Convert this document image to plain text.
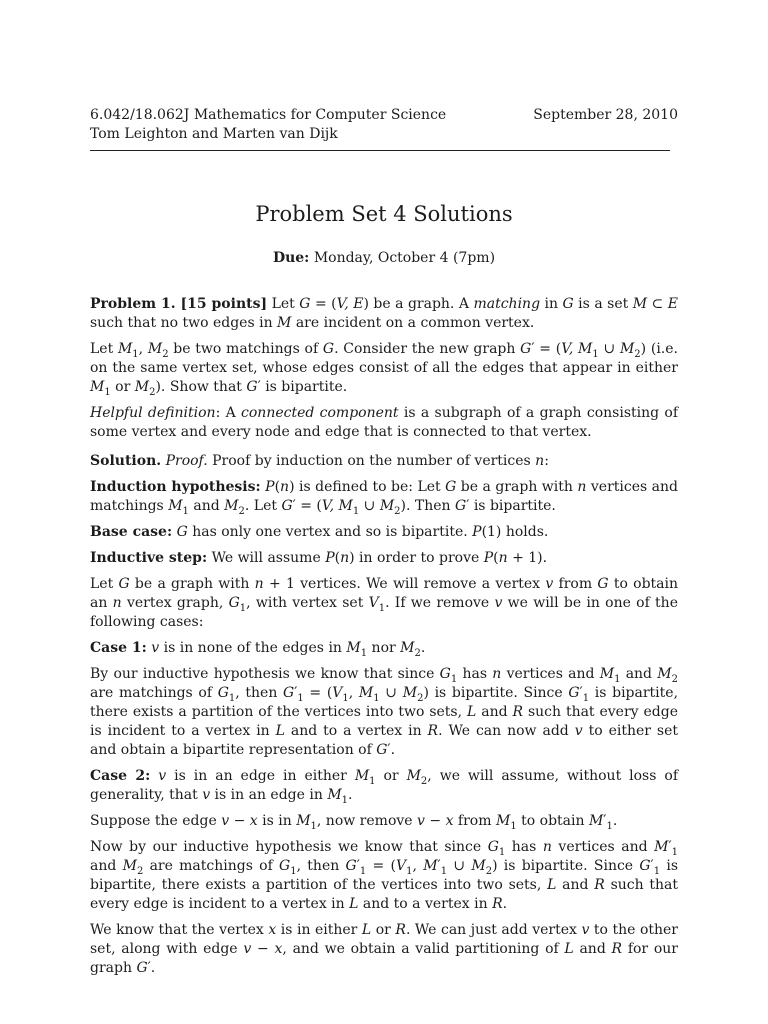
6.042/18.062J Mathematics for Computer Science
Tom Leighton and Marten van Dijk
September 28, 2010
Problem Set 4 Solutions
Due: Monday, October 4 (7pm)

Problem 1. [15 points] Let G = (V, E) be a graph. A matching in G is a set M ⊂ E such that no two edges in M are incident on a common vertex.

Let $M_1$, $M_2$ be two matchings of G. Consider the new graph G′ = (V, $M_1$ ∪ $M_2$) (i.e. on the same vertex set, whose edges consist of all the edges that appear in either $M_1$ or $M_2$). Show that G′ is bipartite.

Helpful definition: A connected component is a subgraph of a graph consisting of some vertex and every node and edge that is connected to that vertex.

Solution. Proof. Proof by induction on the number of vertices n:

Induction hypothesis: P(n) is defined to be: Let G be a graph with n vertices and matchings $M_1$ and $M_2$. Let G′ = (V, $M_1$ ∪ $M_2$). Then G′ is bipartite.

Base case: G has only one vertex and so is bipartite. P(1) holds.

Inductive step: We will assume P(n) in order to prove P(n + 1).

Let G be a graph with n + 1 vertices. We will remove a vertex v from G to obtain an n vertex graph, $G_1$, with vertex set $V_1$. If we remove v we will be in one of the following cases:

Case 1: v is in none of the edges in $M_1$ nor $M_2$.

By our inductive hypothesis we know that since $G_1$ has n vertices and $M_1$ and $M_2$ are matchings of $G_1$, then $G'_1 = (V_1$, $M_1$ ∪ $M_2$) is bipartite. Since $G'_1$ is bipartite, there exists a partition of the vertices into two sets, L and R such that every edge is incident to a vertex in L and to a vertex in R. We can now add v to either set and obtain a bipartite representation of G′.

Case 2: v is in an edge in either $M_1$ or $M_2$, we will assume, without loss of generality, that v is in an edge in $M_1$.

Suppose the edge v − x is in $M_1$, now remove v − x from $M_1$ to obtain $M'_1$.

Now by our inductive hypothesis we know that since $G_1$ has n vertices and $M'_1$ and $M_2$ are matchings of $G_1$, then $G'_1 = (V_1$, $M'_1$ ∪ $M_2$) is bipartite. Since $G'_1$ is bipartite, there exists a partition of the vertices into two sets, L and R such that every edge is incident to a vertex in L and to a vertex in R.

We know that the vertex x is in either L or R. We can just add vertex v to the other set, along with edge v − x, and we obtain a valid partitioning of L and R for our graph G′.
